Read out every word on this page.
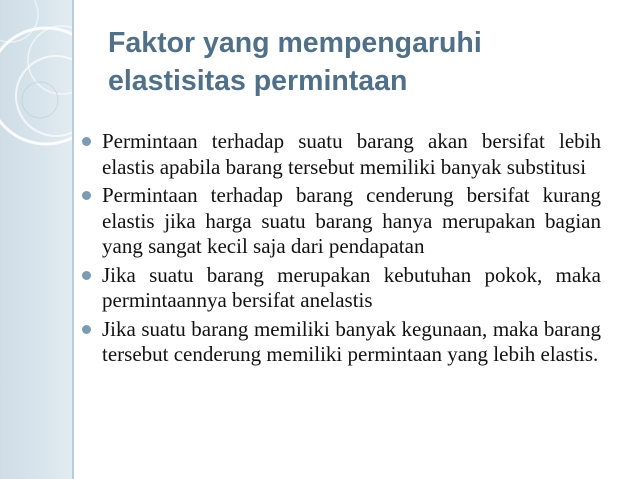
Faktor yang mempengaruhi
elastisitas permintaan
Permintaan terhadap suatu barang akan bersifat lebih elastis apabila barang tersebut memiliki banyak substitusi
Permintaan terhadap barang cenderung bersifat kurang elastis jika harga suatu barang hanya merupakan bagian yang sangat kecil saja dari pendapatan
Jika suatu barang merupakan kebutuhan pokok, maka permintaannya bersifat anelastis
Jika suatu barang memiliki banyak kegunaan, maka barang tersebut cenderung memiliki permintaan yang lebih elastis.
